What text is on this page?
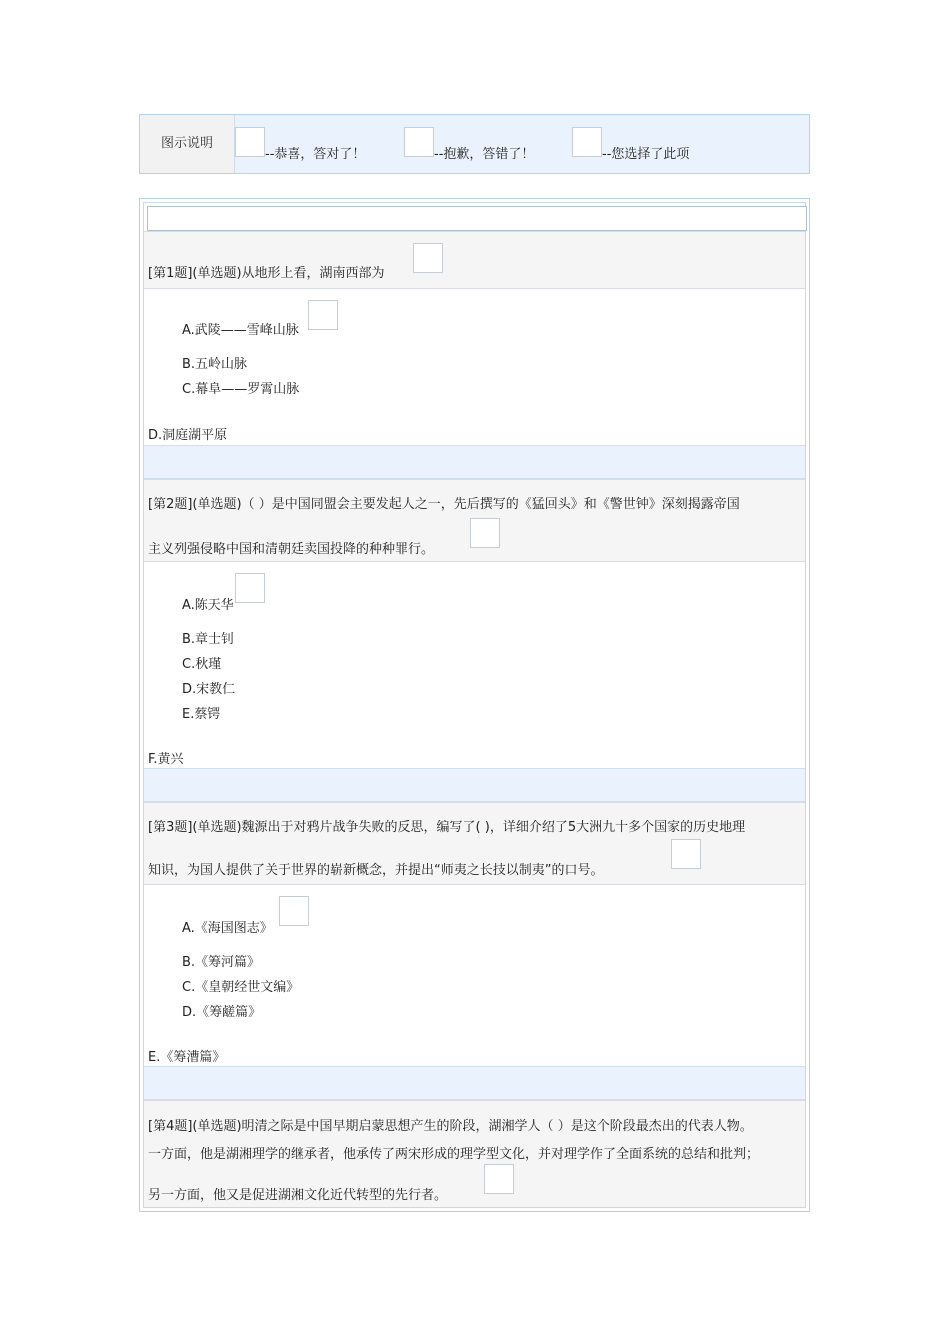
图示说明
--恭喜，答对了！	--抱歉，答错了！	--您选择了此项
[第1题](单选题)从地形上看，湖南西部为
A.武陵——雪峰山脉
B.五岭山脉
C.幕阜——罗霄山脉
D.洞庭湖平原
[第2题](单选题)（ ）是中国同盟会主要发起人之一，先后撰写的《猛回头》和《警世钟》深刻揭露帝国
主义列强侵略中国和清朝廷卖国投降的种种罪行。
A.陈天华
B.章士钊
C.秋瑾
D.宋教仁
E.蔡锷
F.黄兴
[第3题](单选题)魏源出于对鸦片战争失败的反思，编写了( )，详细介绍了5大洲九十多个国家的历史地理
知识，为国人提供了关于世界的崭新概念，并提出“师夷之长技以制夷”的口号。
A.《海国图志》
B.《筹河篇》
C.《皇朝经世文编》
D.《筹鹾篇》
E.《筹漕篇》
[第4题](单选题)明清之际是中国早期启蒙思想产生的阶段，湖湘学人（ ）是这个阶段最杰出的代表人物。
一方面，他是湖湘理学的继承者，他承传了两宋形成的理学型文化，并对理学作了全面系统的总结和批判；
另一方面，他又是促进湖湘文化近代转型的先行者。
